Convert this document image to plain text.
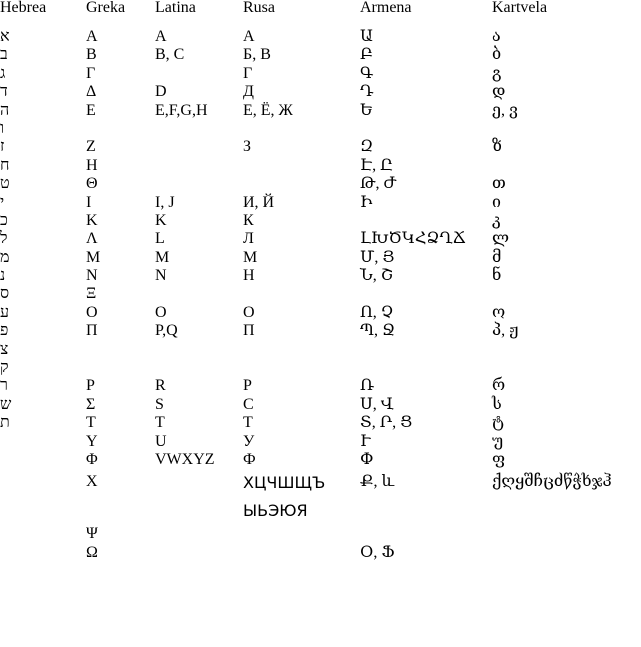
Hebrea	Greka	Latina	Rusa	Armena	Kartvela
א	Α	A	А	Ա	ა
ב	Β	B, C	Б, В	Բ	ბ
ג	Γ		Г	Գ	გ
ד	Δ	D	Д	Դ	დ
ה	Ε	E,F,G,H	Е, Ё, Ж	Ե	ე, ვ
ו					
ז	Ζ		З	Զ	ზ
ח	Η			Է, Ը	
ט	Θ			Թ, Ժ	თ
י	Ι	I, J	И, Й	Ի	ი
כ	Κ	K	К		კ
ל	Λ	L	Л	ԼԽԾԿՀՁՂՃ	ლ
מ	Μ	M	М	Մ, Յ	მ
נ	Ν	N	Н	Ն, Շ	ნ
ס	Ξ				
ע	Ο	O	О	Ո, Չ	ო
פ	Π	P,Q	П	Պ, Ջ	პ, ჟ
צ					
ק					
ר	Ρ	R	Р	Ռ	რ
ש	Σ	S	С	Ս, Վ	ს
ת	Τ	T	Т	Տ, Ր, Ց	ტ
	Υ	U	У	Ւ	უ
	Φ	VWXYZ	Ф	Փ	ფ
	Χ		ХЦЧШЩЪ ЫЬЭЮЯ	Ք, և	ქღყშჩცძწჭხჯჰ
	Ψ				
	Ω			Օ, Ֆ	
